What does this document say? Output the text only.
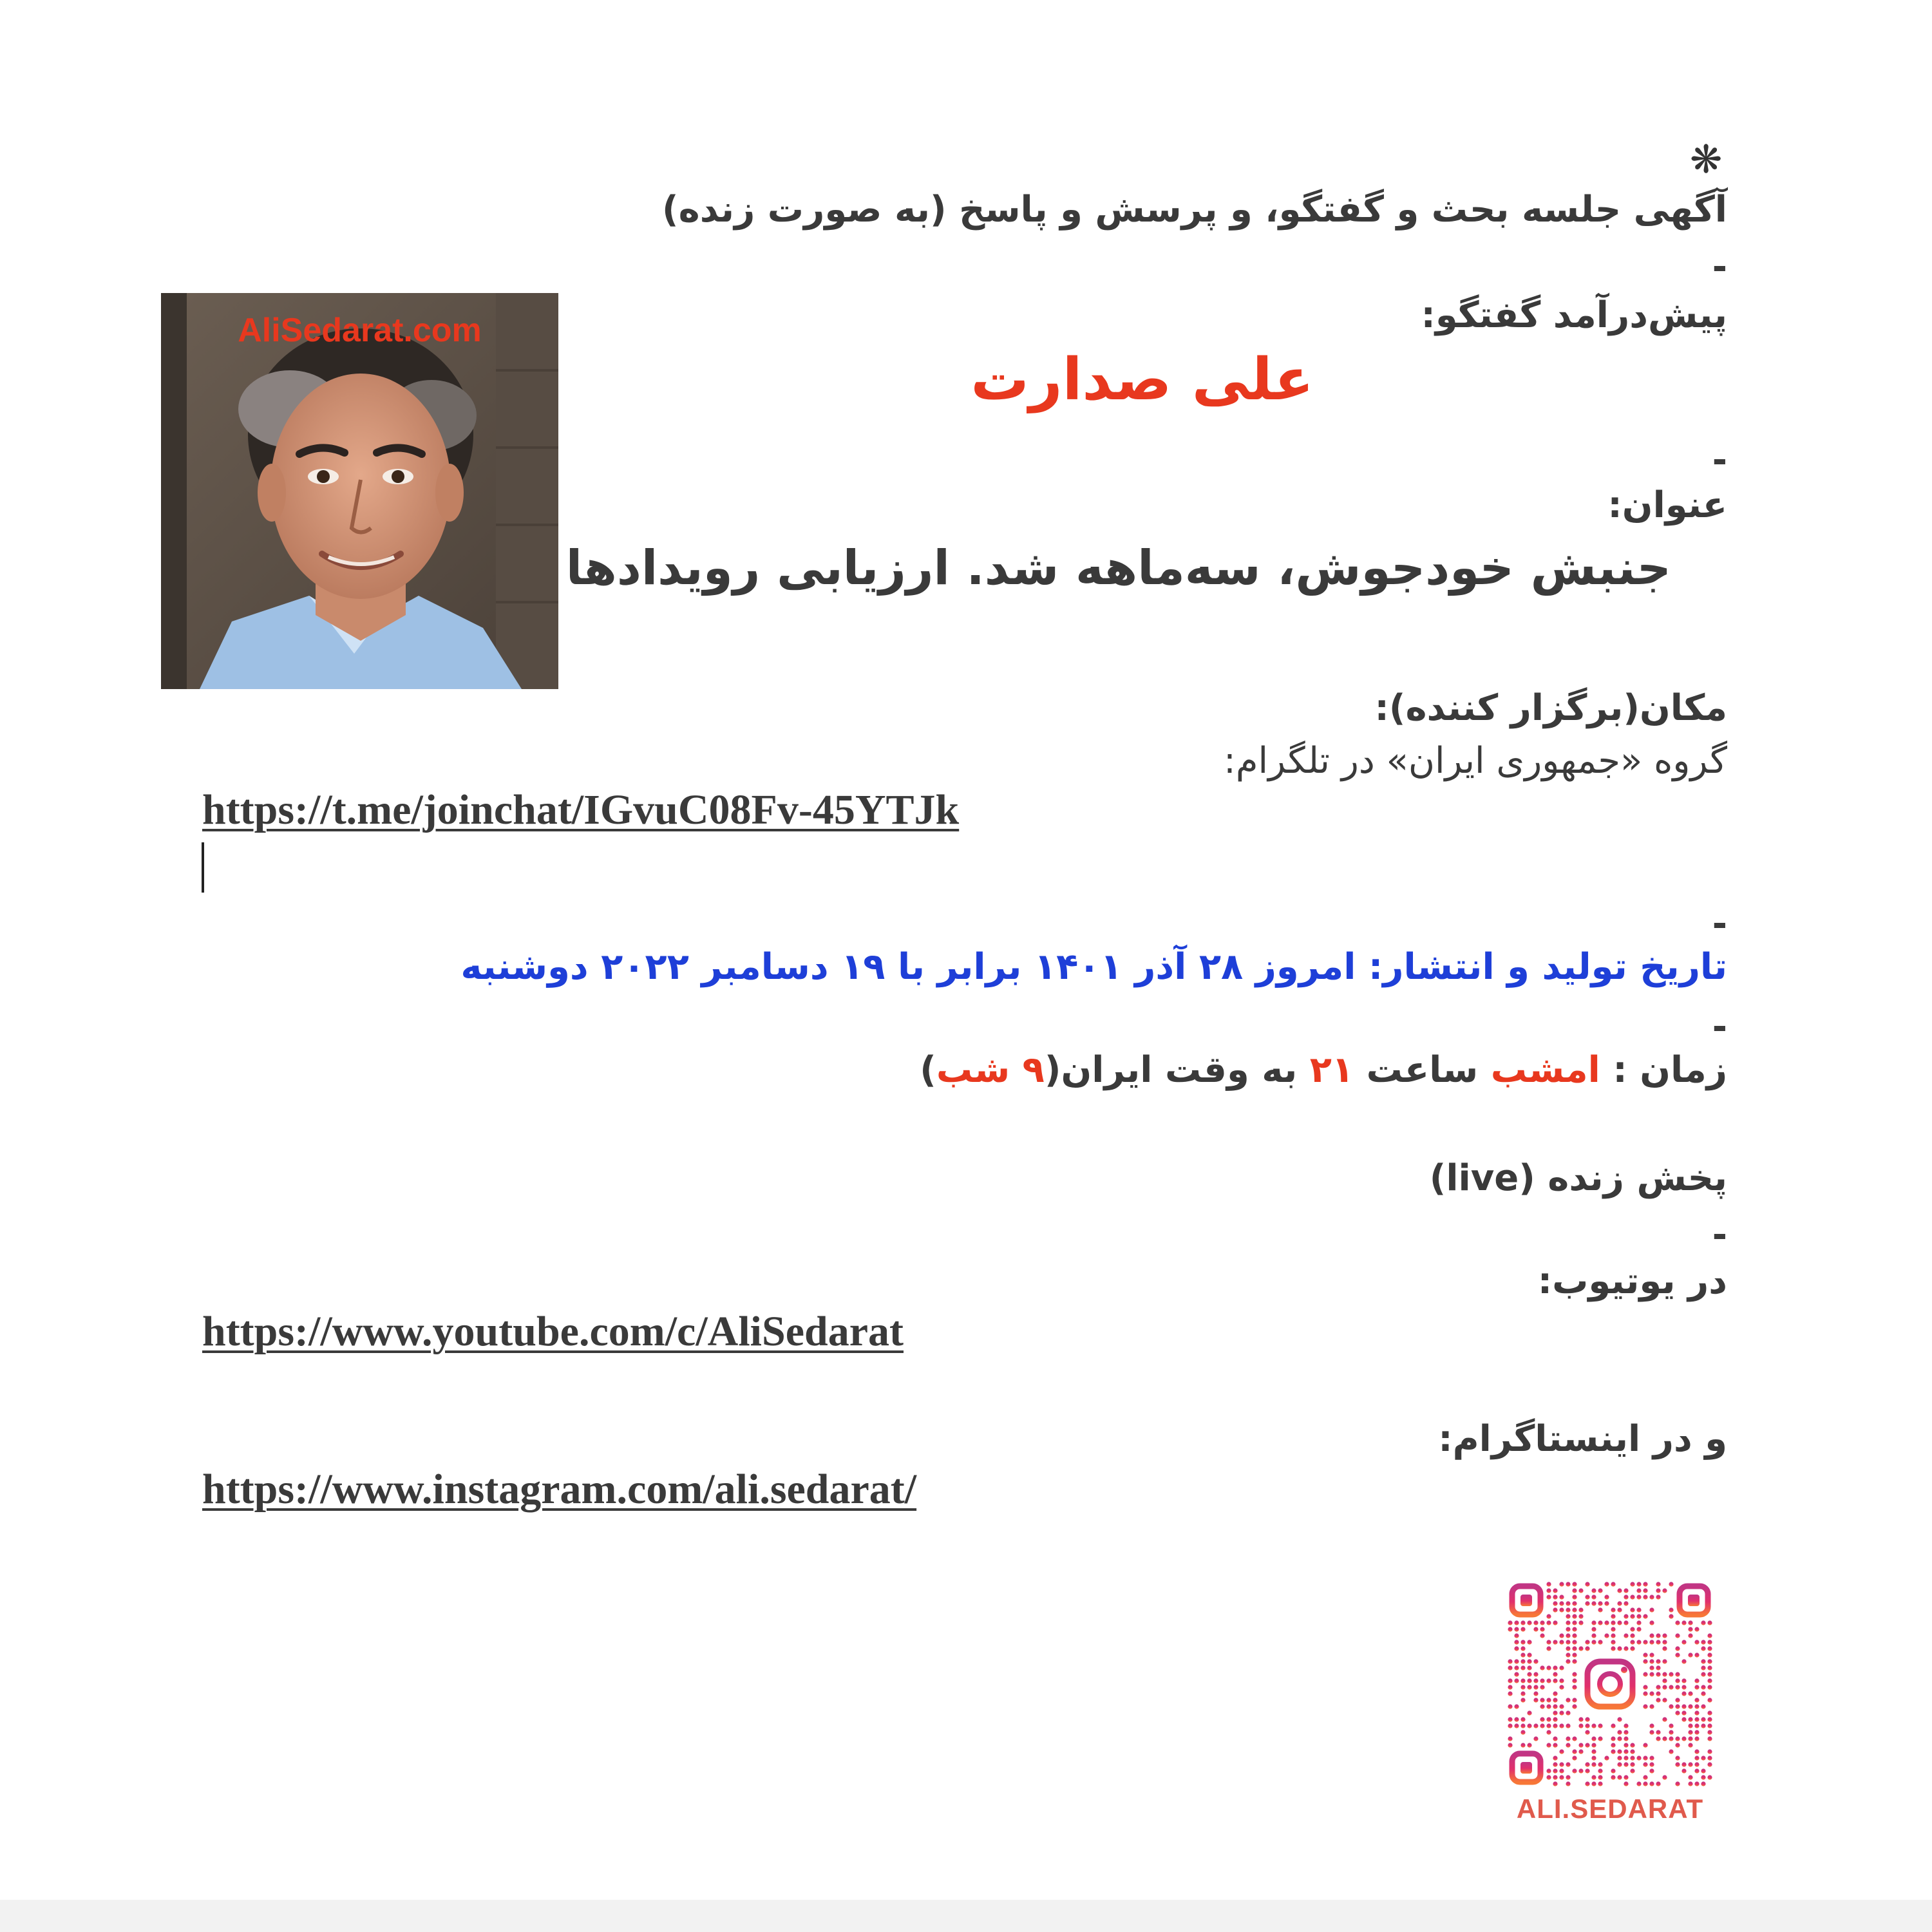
❋
آگهی جلسه بحث و گفتگو، و پرسش و پاسخ (به صورت زنده)
-
پیش‌درآمد گفتگو:
علی صدارت
-
عنوان:
جنبش خودجوش، سه‌ماهه شد. ارزیابی رویدادها
AliSedarat.com
مکان(برگزار کننده):
گروه «جمهوری ایران» در تلگرام:
https://t.me/joinchat/IGvuC08Fv-45YTJk
-
تاریخ تولید و انتشار: امروز ۲۸ آذر ۱۴۰۱ برابر با ۱۹ دسامبر ۲۰۲۲ دوشنبه
-
زمان : امشب ساعت ۲۱ به وقت ایران(۹ شب)
پخش زنده (live)
-
در یوتیوب:
https://www.youtube.com/c/AliSedarat
و در اینستاگرام:
https://www.instagram.com/ali.sedarat/
ALI.SEDARAT
